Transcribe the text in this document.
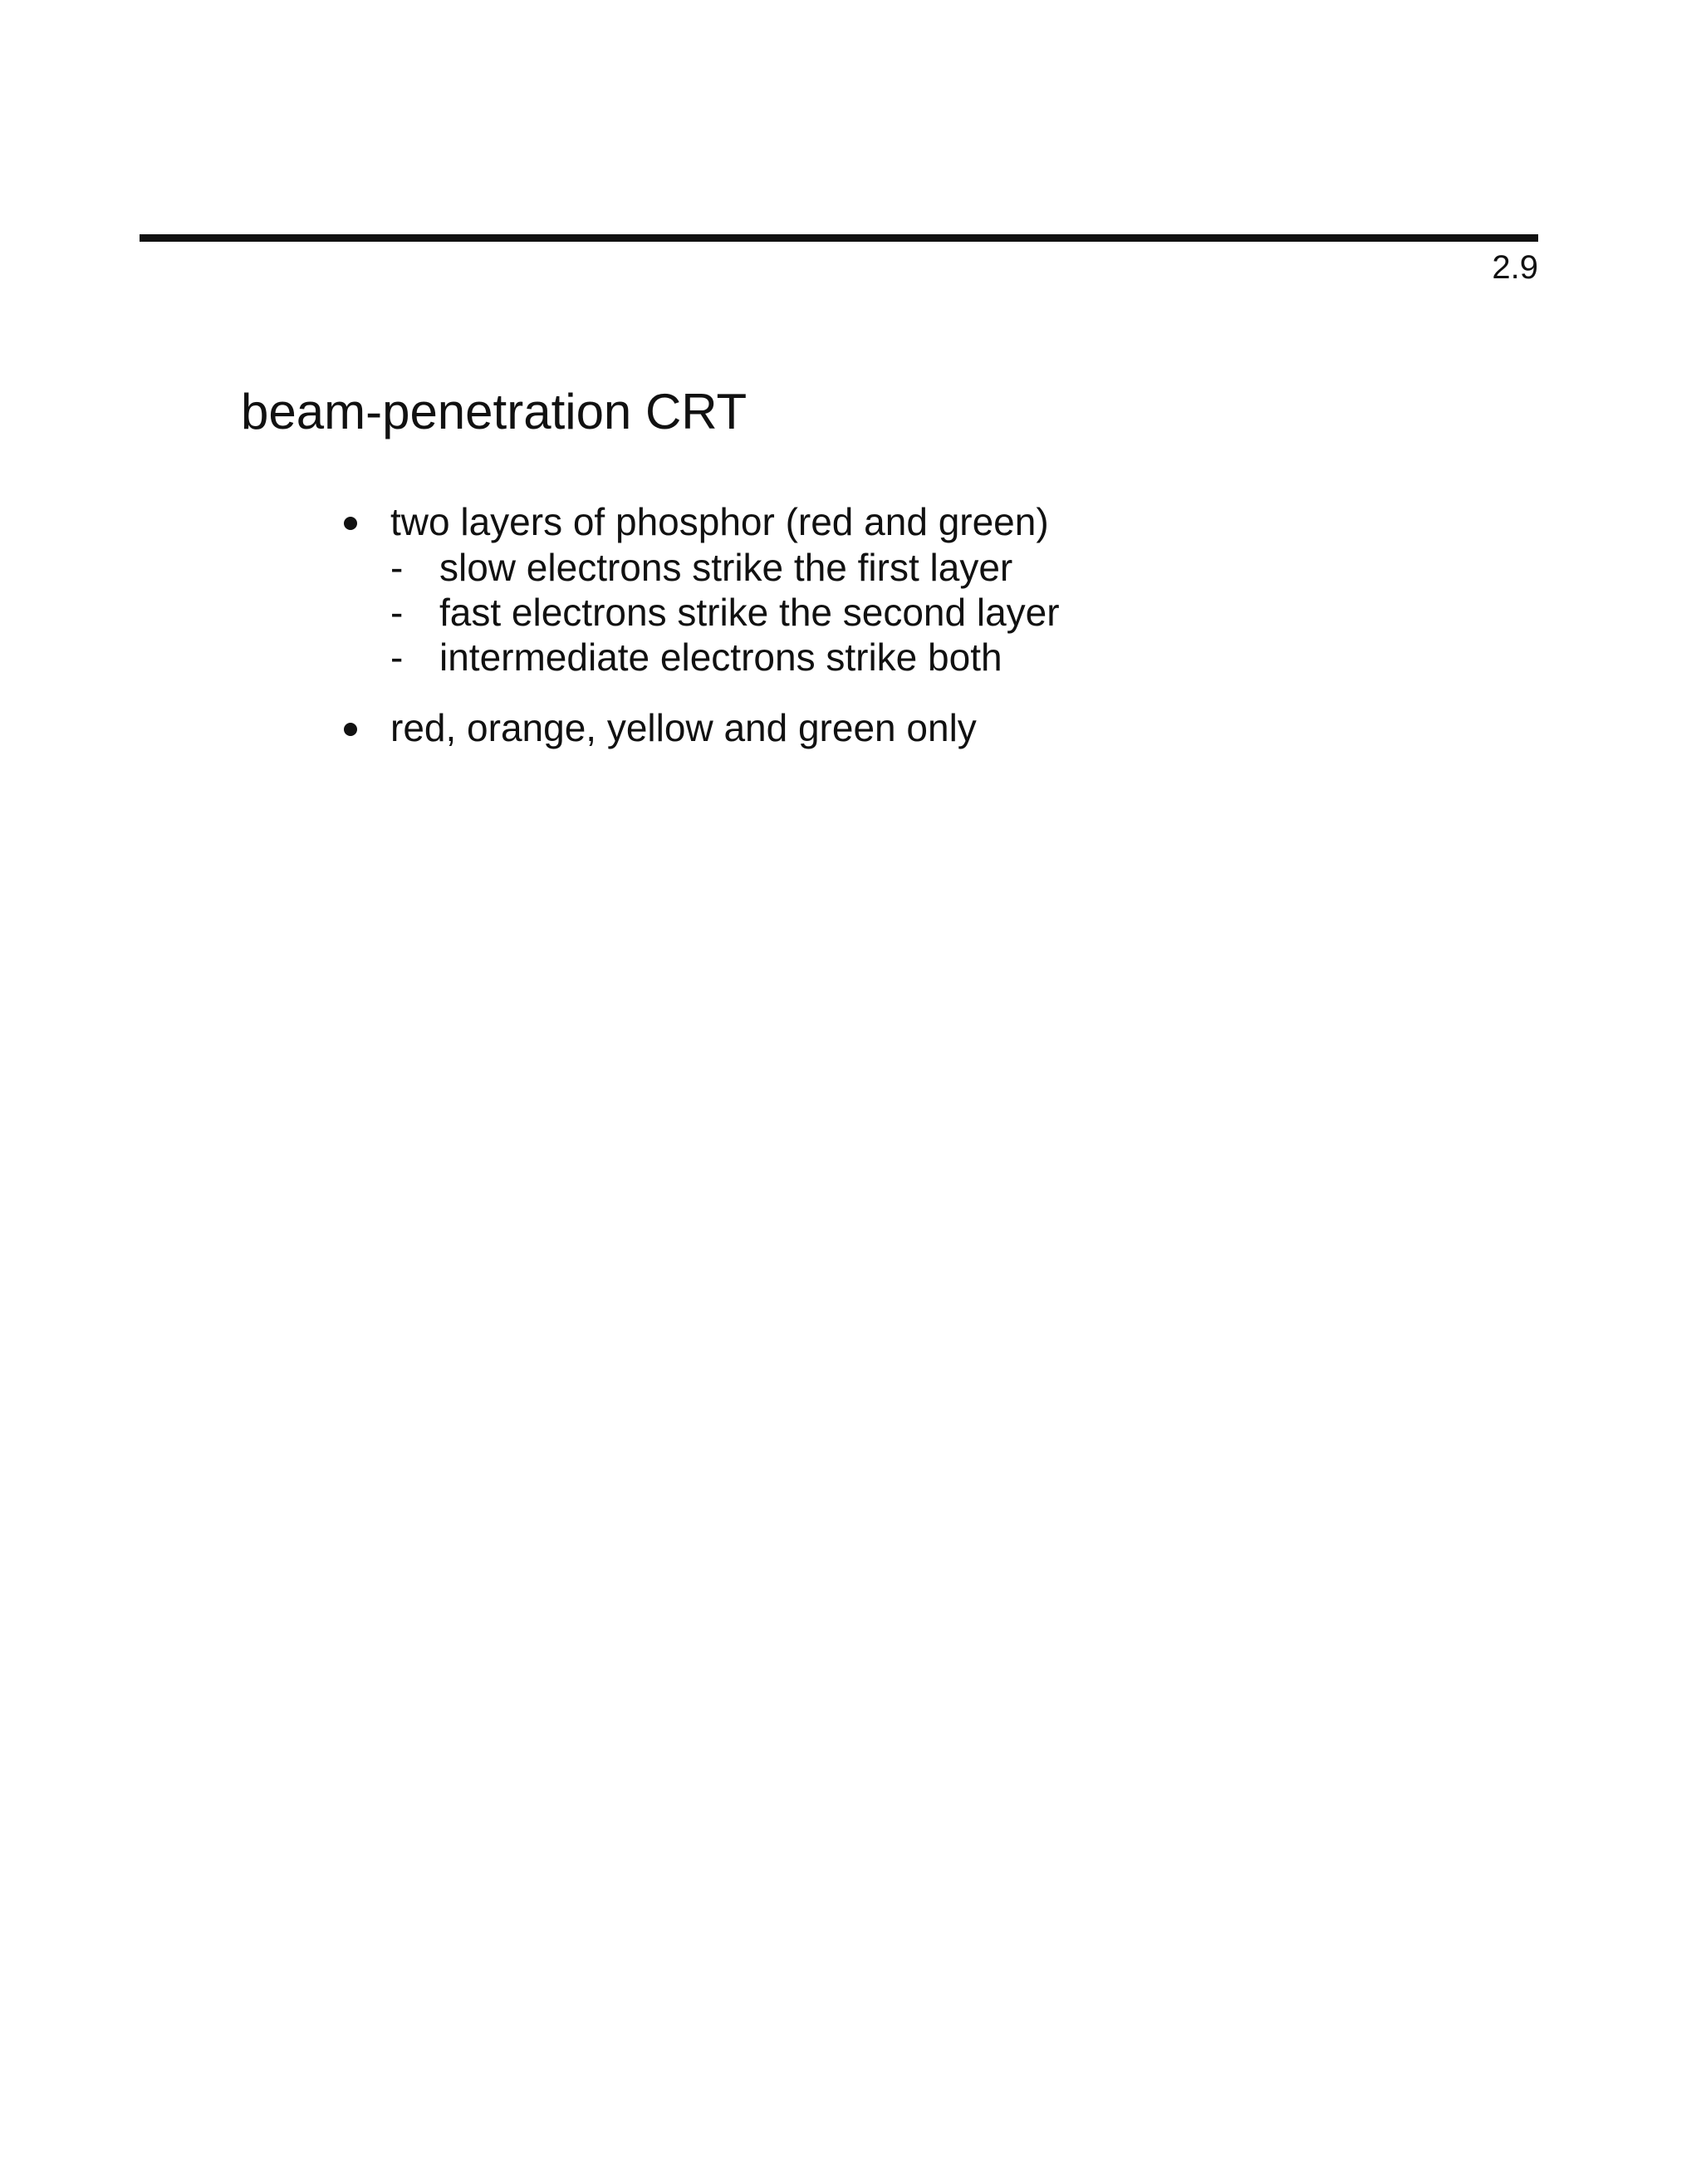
2.9
beam-penetration CRT
two layers of phosphor (red and green)
- slow electrons strike the first layer
- fast electrons strike the second layer
- intermediate electrons strike both
red, orange, yellow and green only
